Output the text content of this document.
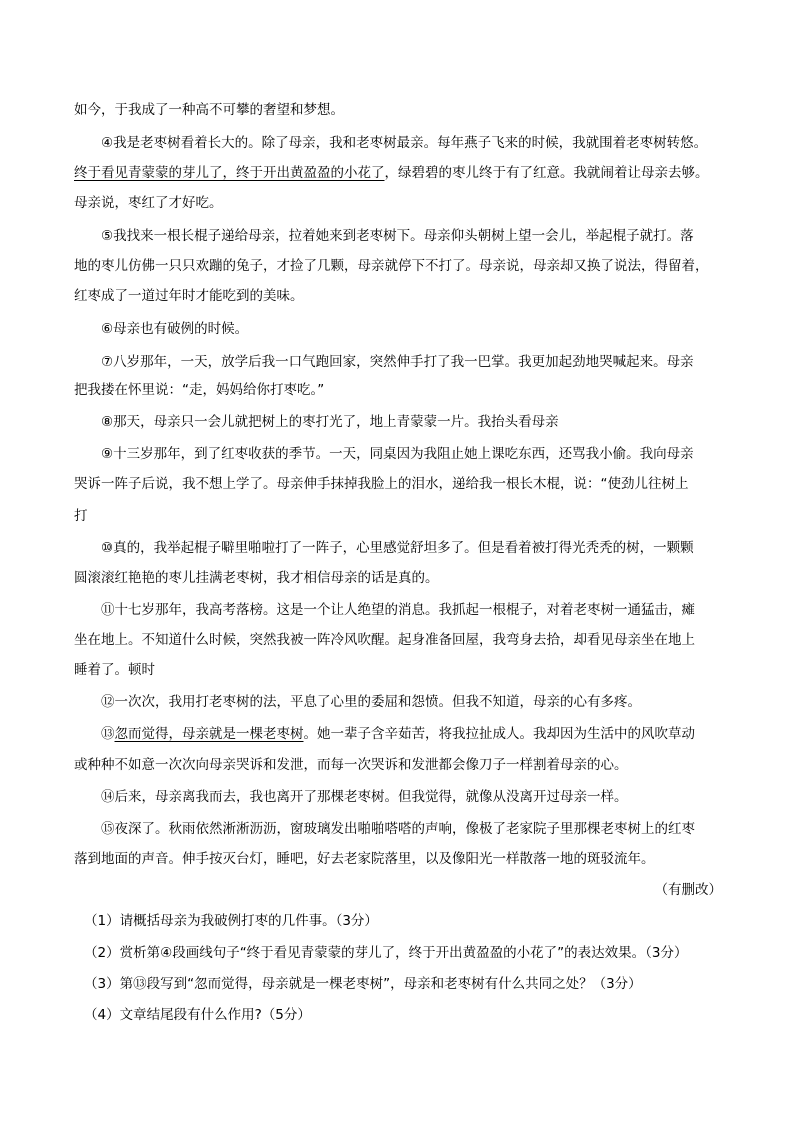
如今，于我成了一种高不可攀的奢望和梦想。
　　④我是老枣树看着长大的。除了母亲，我和老枣树最亲。每年燕子飞来的时候，我就围着老枣树转悠。
终于看见青蒙蒙的芽儿了，终于开出黄盈盈的小花了，绿碧碧的枣儿终于有了红意。我就闹着让母亲去够。
母亲说，枣红了才好吃。
　　⑤我找来一根长棍子递给母亲，拉着她来到老枣树下。母亲仰头朝树上望一会儿，举起棍子就打。落
地的枣儿仿佛一只只欢蹦的兔子，才捡了几颗，母亲就停下不打了。母亲说，母亲却又换了说法，得留着，
红枣成了一道过年时才能吃到的美味。
　　⑥母亲也有破例的时候。
　　⑦八岁那年，一天，放学后我一口气跑回家，突然伸手打了我一巴掌。我更加起劲地哭喊起来。母亲
把我搂在怀里说：“走，妈妈给你打枣吃。”
　　⑧那天，母亲只一会儿就把树上的枣打光了，地上青蒙蒙一片。我抬头看母亲
　　⑨十三岁那年，到了红枣收获的季节。一天，同桌因为我阻止她上课吃东西，还骂我小偷。我向母亲
哭诉一阵子后说，我不想上学了。母亲伸手抹掉我脸上的泪水，递给我一根长木棍，说：“使劲儿往树上
打
　　⑩真的，我举起棍子噼里啪啦打了一阵子，心里感觉舒坦多了。但是看着被打得光秃秃的树，一颗颗
圆滚滚红艳艳的枣儿挂满老枣树，我才相信母亲的话是真的。
　　⑪十七岁那年，我高考落榜。这是一个让人绝望的消息。我抓起一根棍子，对着老枣树一通猛击，瘫
坐在地上。不知道什么时候，突然我被一阵冷风吹醒。起身准备回屋，我弯身去拾，却看见母亲坐在地上
睡着了。顿时
　　⑫一次次，我用打老枣树的法，平息了心里的委屈和怨愤。但我不知道，母亲的心有多疼。
　　⑬忽而觉得，母亲就是一棵老枣树。她一辈子含辛茹苦，将我拉扯成人。我却因为生活中的风吹草动
或种种不如意一次次向母亲哭诉和发泄，而每一次哭诉和发泄都会像刀子一样割着母亲的心。
　　⑭后来，母亲离我而去，我也离开了那棵老枣树。但我觉得，就像从没离开过母亲一样。
　　⑮夜深了。秋雨依然淅淅沥沥，窗玻璃发出啪啪嗒嗒的声响，像极了老家院子里那棵老枣树上的红枣
落到地面的声音。伸手按灭台灯，睡吧，好去老家院落里，以及像阳光一样散落一地的斑驳流年。
（有删改）
（1）请概括母亲为我破例打枣的几件事。（3分）
（2）赏析第④段画线句子“终于看见青蒙蒙的芽儿了，终于开出黄盈盈的小花了”的表达效果。（3分）
（3）第⑬段写到“忽而觉得，母亲就是一棵老枣树”，母亲和老枣树有什么共同之处？（3分）
（4）文章结尾段有什么作用?（5分）
